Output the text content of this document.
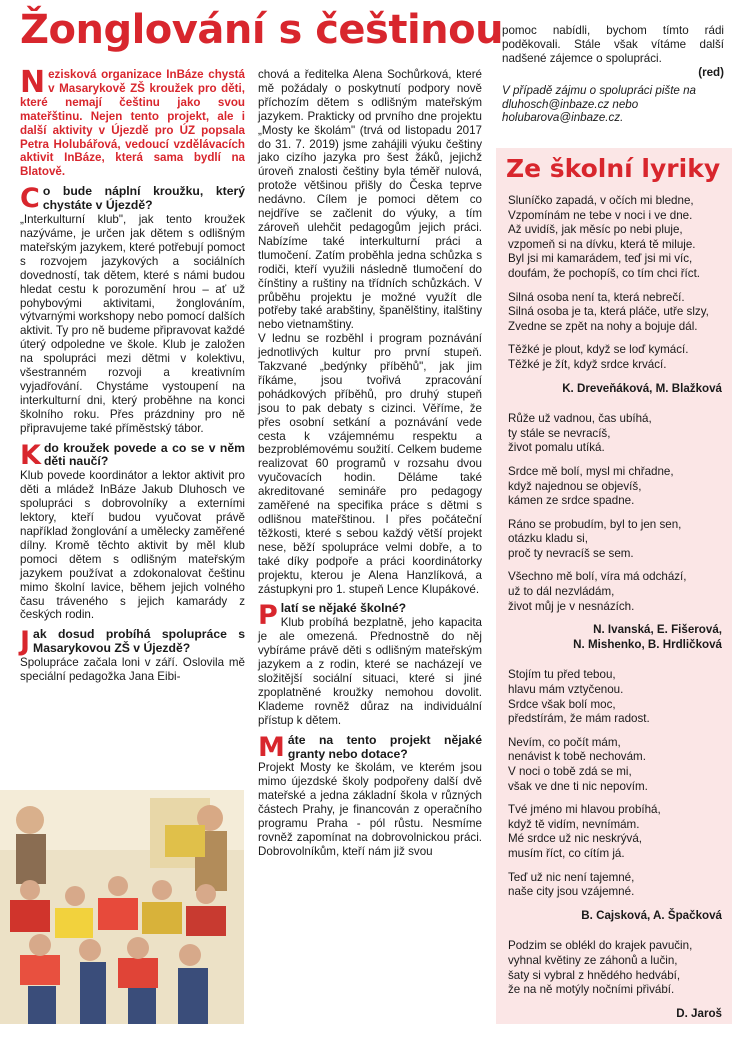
Žonglování s češtinou

Nezisková organizace InBáze chystá v Masarykově ZŠ kroužek pro děti, které nemají češtinu jako svou mateřštinu. Nejen tento projekt, ale i další aktivity v Újezdě pro ÚZ popsala Petra Holubářová, vedoucí vzdělávacích aktivit InBáze, která sama bydlí na Blatově.

Co bude náplní kroužku, který chystáte v Újezdě?

„Interkulturní klub", jak tento kroužek nazýváme, je určen jak dětem s odlišným mateřským jazykem, které potřebují pomoct s rozvojem jazykových a sociálních dovedností, tak dětem, které s námi budou hledat cestu k porozumění hrou – ať už pohybovými aktivitami, žonglováním, výtvarnými workshopy nebo pomocí dalších aktivit. Ty pro ně budeme připravovat každé úterý odpoledne ve škole. Klub je založen na spolupráci mezi dětmi v kolektivu, všestranném rozvoji a kreativním vyjadřování. Chystáme vystoupení na interkulturní dni, který proběhne na konci školního roku. Přes prázdniny pro ně připravujeme také příměstský tábor.

Kdo kroužek povede a co se v něm děti naučí?

Klub povede koordinátor a lektor aktivit pro děti a mládež InBáze Jakub Dluhosch ve spolupráci s dobrovolníky a externími lektory, kteří budou vyučovat právě například žonglování a umělecky zaměřené dílny. Kromě těchto aktivit by měl klub pomoci dětem s odlišným mateřským jazykem používat a zdokonalovat češtinu mimo školní lavice, během jejich volného času tráveného s jejich kamarády z českých rodin.

Jak dosud probíhá spolupráce s Masarykovou ZŠ v Újezdě?

Spolupráce začala loni v září. Oslovila mě speciální pedagožka Jana Eibi-

chová a ředitelka Alena Sochůrková, které mě požádaly o poskytnutí podpory nově příchozím dětem s odlišným mateřským jazykem. Prakticky od prvního dne projektu „Mosty ke školám" (trvá od listopadu 2017 do 31. 7. 2019) jsme zahájili výuku češtiny jako cizího jazyka pro šest žáků, jejichž úroveň znalosti češtiny byla téměř nulová, protože většinou přišly do Česka teprve nedávno. Cílem je pomoci dětem co nejdříve se začlenit do výuky, a tím zároveň ulehčit pedagogům jejich práci. Nabízíme také interkulturní práci a tlumočení. Zatím proběhla jedna schůzka s rodiči, kteří využili následně tlumočení do čínštiny a ruštiny na třídních schůzkách. V průběhu projektu je možné využít dle potřeby také arabštiny, španělštiny, italštiny nebo vietnamštiny.

V lednu se rozběhl i program poznávání jednotlivých kultur pro první stupeň. Takzvané „bedýnky příběhů", jak jim říkáme, jsou tvořivá zpracování pohádkových příběhů, pro druhý stupeň jsou to pak debaty s cizinci. Věříme, že přes osobní setkání a poznávání vede cesta k vzájemnému respektu a bezproblémovému soužití. Celkem budeme realizovat 60 programů v rozsahu dvou vyučovacích hodin. Děláme také akreditované semináře pro pedagogy zaměřené na specifika práce s dětmi s odlišnou mateřštinou. I přes počáteční těžkosti, které s sebou každý větší projekt nese, běží spolupráce velmi dobře, a to také díky podpoře a práci koordinátorky projektu, kterou je Alena Hanzlíková, a zástupkyni pro 1. stupeň Lence Klupákové.

Platí se nějaké školné?

Klub probíhá bezplatně, jeho kapacita je ale omezená. Přednostně do něj vybíráme právě děti s odlišným mateřským jazykem a z rodin, které se nacházejí ve složitější sociální situaci, které si jiné zpoplatněné kroužky nemohou dovolit. Klademe rovněž důraz na individuální přístup k dětem.

Máte na tento projekt nějaké granty nebo dotace?

Projekt Mosty ke školám, ve kterém jsou mimo újezdské školy podpořeny další dvě mateřské a jedna základní škola v různých částech Prahy, je financován z operačního programu Praha - pól růstu. Nesmíme rovněž zapomínat na dobrovolnickou práci. Dobrovolníkům, kteří nám již svou

pomoc nabídli, bychom tímto rádi poděkovali. Stále však vítáme další nadšené zájemce o spolupráci.

(red)

V případě zájmu o spolupráci pište na dluhosch@inbaze.cz nebo holubarova@inbaze.cz.

Ze školní lyriky

Sluníčko zapadá, v očích mi bledne,
Vzpomínám ne tebe v noci i ve dne.
Až uvidíš, jak měsíc po nebi pluje,
vzpomeň si na dívku, která tě miluje.
Byl jsi mi kamarádem, teď jsi mi víc,
doufám, že pochopíš, co tím chci říct.

Silná osoba není ta, která nebrečí.
Silná osoba je ta, která pláče, utře slzy,
Zvedne se zpět na nohy a bojuje dál.

Těžké je plout, když se loď kymácí.
Těžké je žít, když srdce krvácí.

K. Dreveňáková, M. Blažková

Růže už vadnou, čas ubíhá,
ty stále se nevracíš,
život pomalu utíká.

Srdce mě bolí, mysl mi chřadne,
když najednou se objevíš,
kámen ze srdce spadne.

Ráno se probudím, byl to jen sen,
otázku kladu si,
proč ty nevracíš se sem.

Všechno mě bolí, víra má odchází,
už to dál nezvládám,
život můj je v nesnázích.

N. Ivanská, E. Fišerová,
N. Mishenko, B. Hrdličková

Stojím tu před tebou,
hlavu mám vztyčenou.
Srdce však bolí moc,
předstírám, že mám radost.

Nevím, co počít mám,
nenávist k tobě nechovám.
V noci o tobě zdá se mi,
však ve dne ti nic nepovím.

Tvé jméno mi hlavou probíhá,
když tě vidím, nevnímám.
Mé srdce už nic neskrývá,
musím říct, co cítím já.

Teď už nic není tajemné,
naše city jsou vzájemné.

B. Cajsková, A. Špačková

Podzim se oblékl do krajek pavučin,
vyhnal květiny ze záhonů a lučin,
šaty si vybral z hnědého hedvábí,
že na ně motýly nočními přivábí.

D. Jaroš
